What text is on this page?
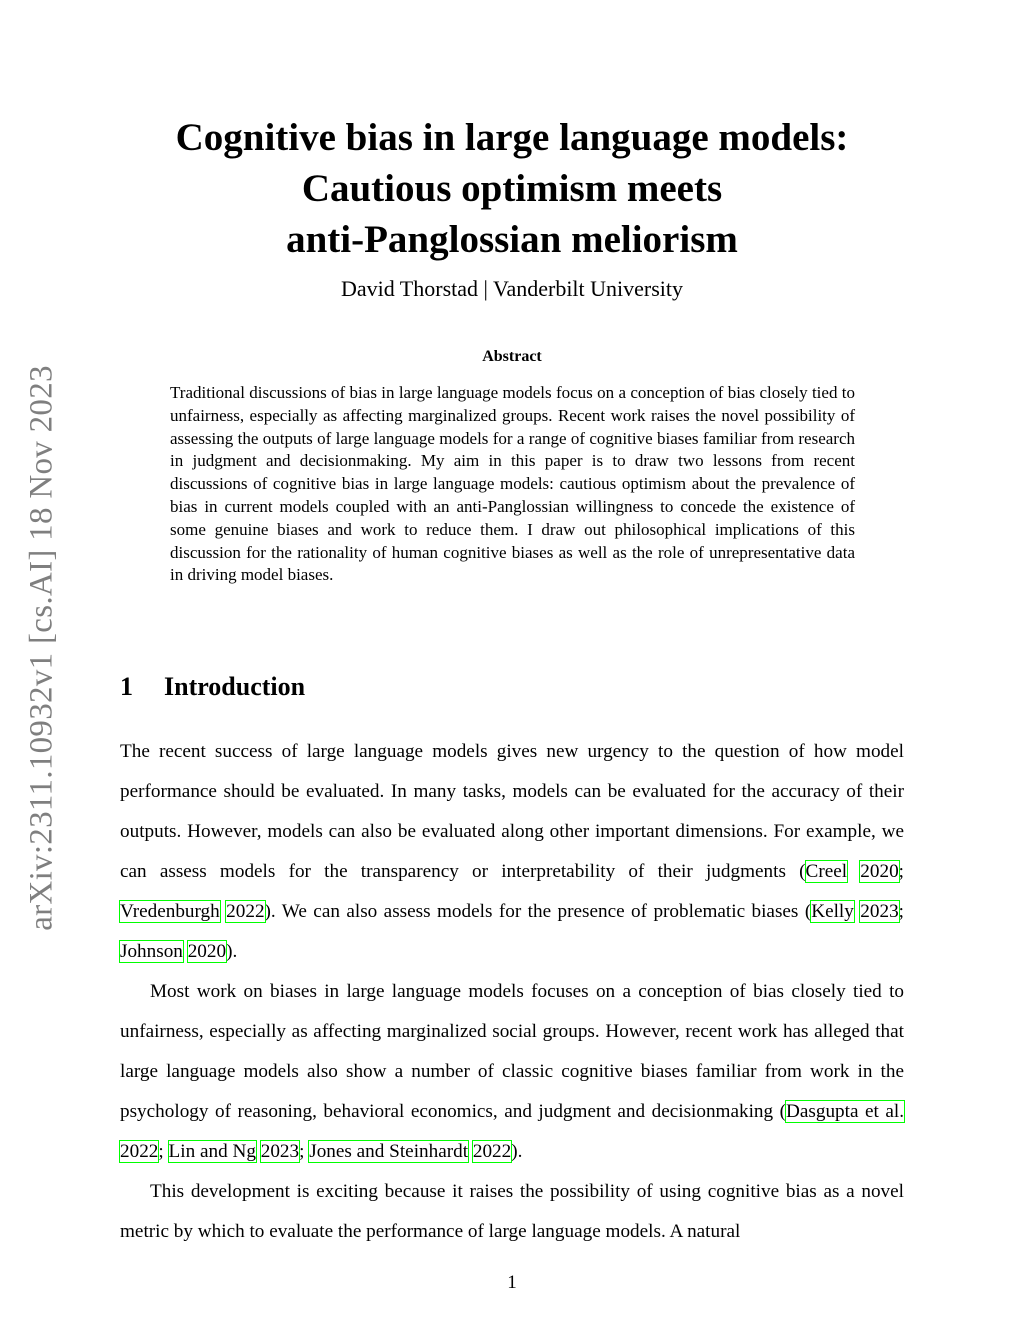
arXiv:2311.10932v1 [cs.AI] 18 Nov 2023
Cognitive bias in large language models:
Cautious optimism meets
anti-Panglossian meliorism
David Thorstad | Vanderbilt University
Abstract

Traditional discussions of bias in large language models focus on a conception of bias closely tied to unfairness, especially as affecting marginalized groups. Recent work raises the novel possibility of assessing the outputs of large language models for a range of cognitive biases familiar from research in judgment and decisionmaking. My aim in this paper is to draw two lessons from recent discussions of cognitive bias in large language models: cautious optimism about the prevalence of bias in current models coupled with an anti-Panglossian willingness to concede the existence of some genuine biases and work to reduce them. I draw out philosophical implications of this discussion for the rationality of human cognitive biases as well as the role of unrepresentative data in driving model biases.

1 Introduction

The recent success of large language models gives new urgency to the question of how model performance should be evaluated. In many tasks, models can be evaluated for the accuracy of their outputs. However, models can also be evaluated along other important dimensions. For example, we can assess models for the transparency or interpretability of their judgments (Creel 2020; Vredenburgh 2022). We can also assess models for the presence of problematic biases (Kelly 2023; Johnson 2020).

Most work on biases in large language models focuses on a conception of bias closely tied to unfairness, especially as affecting marginalized social groups. However, recent work has alleged that large language models also show a number of classic cognitive biases familiar from work in the psychology of reasoning, behavioral economics, and judgment and decisionmaking (Dasgupta et al. 2022; Lin and Ng 2023; Jones and Steinhardt 2022).

This development is exciting because it raises the possibility of using cognitive bias as a novel metric by which to evaluate the performance of large language models. A natural

1
